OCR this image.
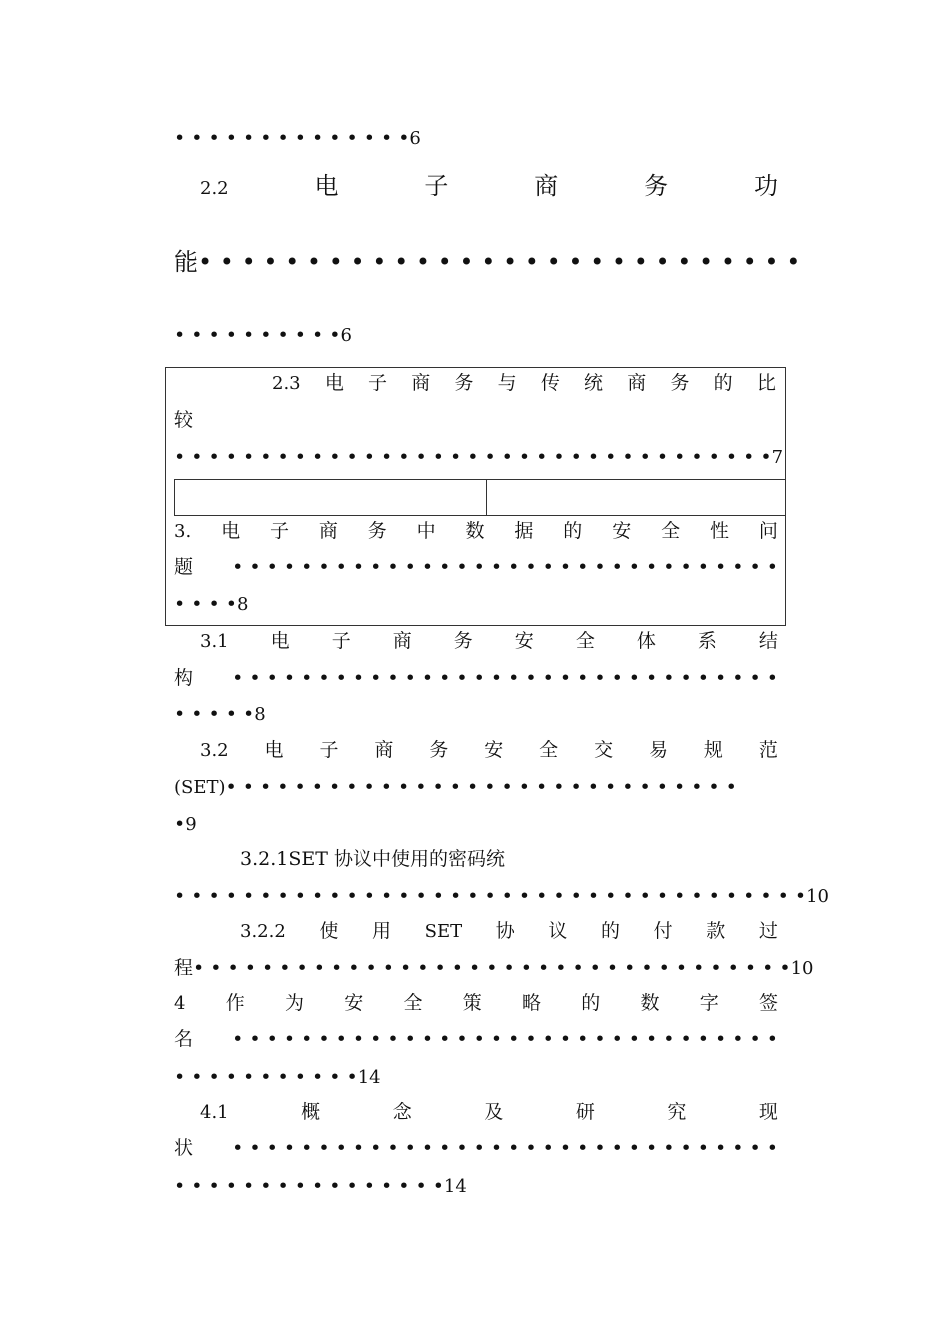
• • • • • • • • • • • • • •6
2.2	电	子	商	务	功
能 • • • • • • • • • • • • • • • • • • • • • • • • • • • •
• • • • • • • • • •6
2.3 电 子 商 务 与 传 统 商 务 的 比
较
• • • • • • • • • • • • • • • • • • • • • • • • • • • • • • • • • • •7
3. 电 子 商 务 中 数 据 的 安 全 性 问
题 • • • • • • • • • • • • • • • • • • • • • • • • • • • • • • • •
• • • •8
3.1 电 子 商 务 安 全 体 系 结
构 • • • • • • • • • • • • • • • • • • • • • • • • • • • • • • • •
• • • • •8
3.2 电 子 商 务 安 全 交 易 规 范
(SET)• • • • • • • • • • • • • • • • • • • • • • • • • • • • • •
•9
3.2.1SET 协议中使用的密码统
• • • • • • • • • • • • • • • • • • • • • • • • • • • • • • • • • • • • •10
3.2.2 使 用 SET 协 议 的 付 款 过
程• • • • • • • • • • • • • • • • • • • • • • • • • • • • • • • • • • •10
4 作 为 安 全 策 略 的 数 字 签
名 • • • • • • • • • • • • • • • • • • • • • • • • • • • • • • • •
• • • • • • • • • • •14
4.1	概	念	及	研	究	现
状 • • • • • • • • • • • • • • • • • • • • • • • • • • • • • • • •
• • • • • • • • • • • • • • • •14
